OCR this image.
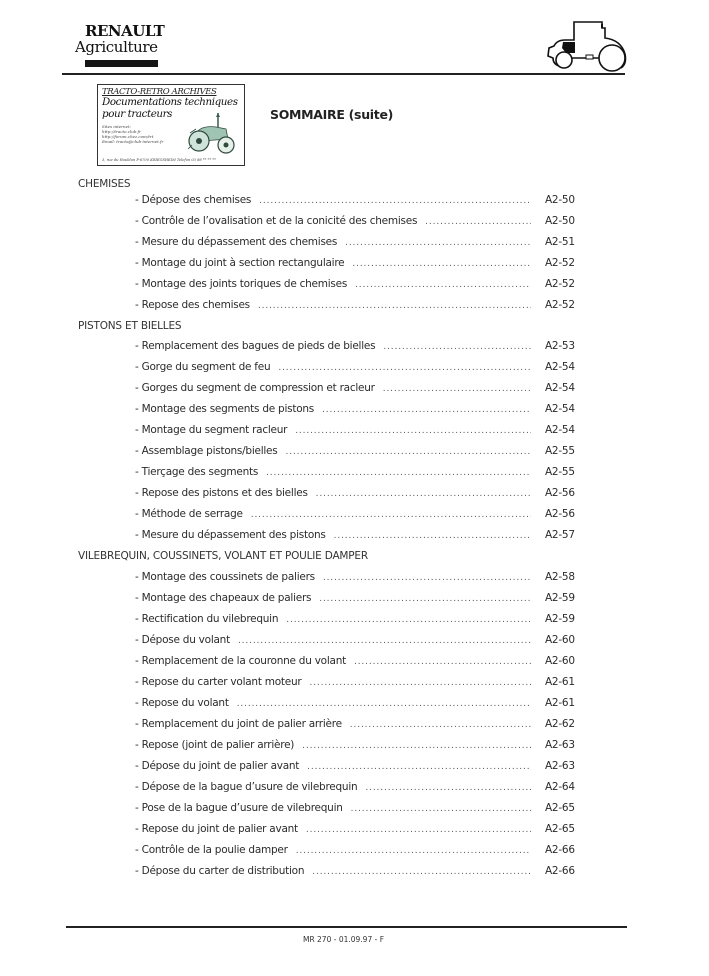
RENAULT
Agriculture
TRACTO-RETRO ARCHIVES
Documentations techniques
pour tracteurs
Sites internet:
http://tracto.club.fr
http://forum.chez.com/trt
Email: tracto@club-internet.fr
3, rue du Houblon F-6700 KRIEGSHEIM Telefon 03 88 ** ** **
SOMMAIRE (suite)
CHEMISES
- Dépose des chemises . . .	A2-50
- Contrôle de l’ovalisation et de la conicité des chemises . . .	A2-50
- Mesure du dépassement des chemises . . .	A2-51
- Montage du joint à section rectangulaire . . .	A2-52
- Montage des joints toriques de chemises . . .	A2-52
- Repose des chemises . . .	A2-52
PISTONS ET BIELLES
- Remplacement des bagues de pieds de bielles . . .	A2-53
- Gorge du segment de feu . . .	A2-54
- Gorges du segment de compression et racleur . . .	A2-54
- Montage des segments de pistons . . .	A2-54
- Montage du segment racleur . . .	A2-54
- Assemblage pistons/bielles . . .	A2-55
- Tierçage des segments . . .	A2-55
- Repose des pistons et des bielles . . .	A2-56
- Méthode de serrage . . .	A2-56
- Mesure du dépassement des pistons . . .	A2-57
VILEBREQUIN, COUSSINETS, VOLANT ET POULIE DAMPER
- Montage des coussinets de paliers . . .	A2-58
- Montage des chapeaux de paliers . . .	A2-59
- Rectification du vilebrequin . . .	A2-59
- Dépose du volant . . .	A2-60
- Remplacement de la couronne du volant . . .	A2-60
- Repose du carter volant moteur . . .	A2-61
- Repose du volant . . .	A2-61
- Remplacement du joint de palier arrière . . .	A2-62
- Repose (joint de palier arrière) . . .	A2-63
- Dépose du joint de palier avant . . .	A2-63
- Dépose de la bague d’usure de vilebrequin . . .	A2-64
- Pose de la bague d’usure de vilebrequin . . .	A2-65
- Repose du joint de palier avant . . .	A2-65
- Contrôle de la poulie damper . . .	A2-66
- Dépose du carter de distribution . . .	A2-66
MR 270 - 01.09.97 - F
